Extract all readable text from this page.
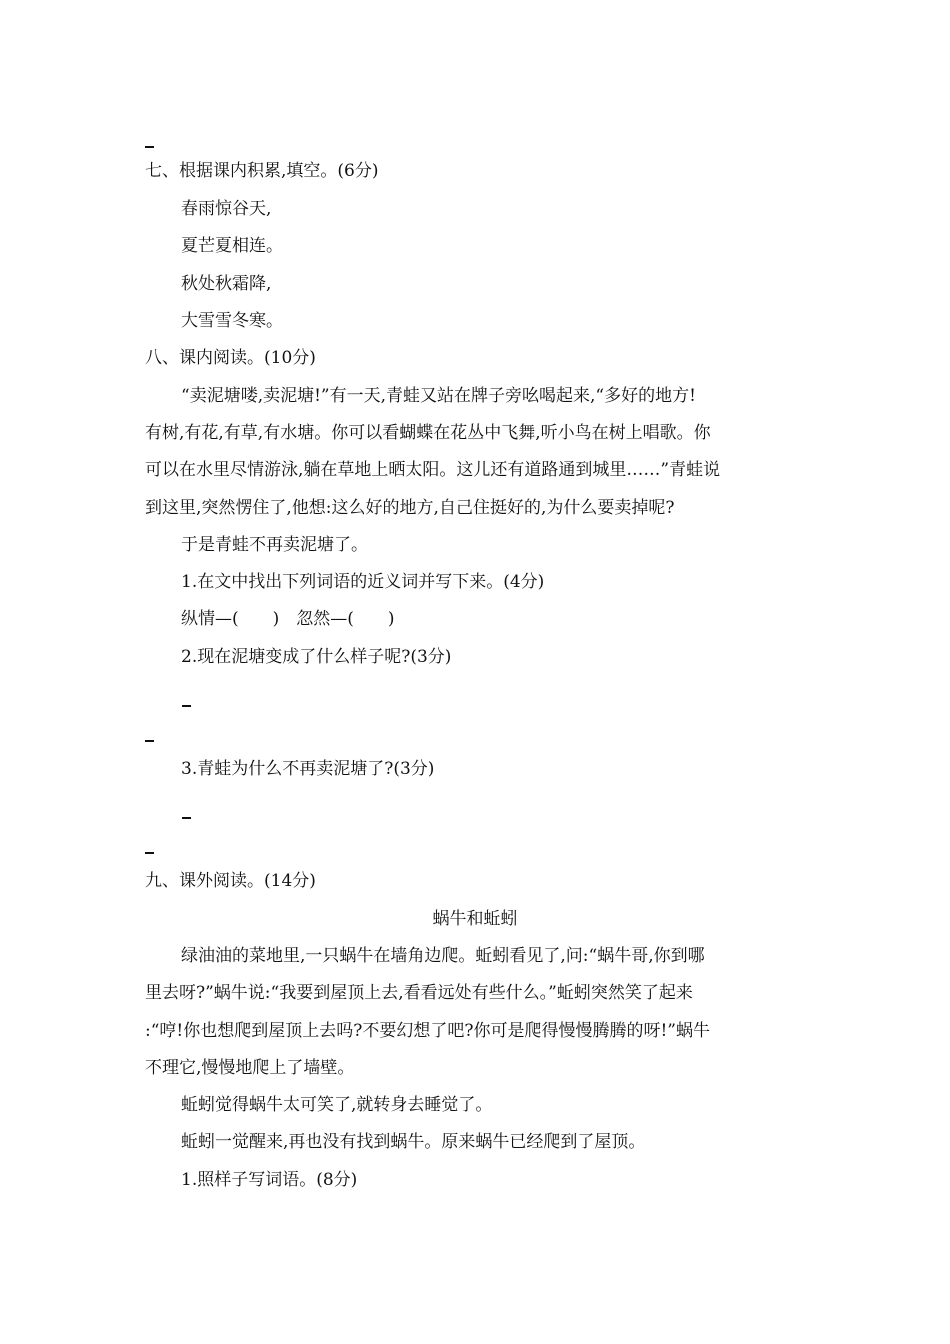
七、根据课内积累,填空。(6分)
春雨惊谷天,
夏芒夏相连。
秋处秋霜降,
大雪雪冬寒。
八、课内阅读。(10分)
“卖泥塘喽,卖泥塘!”有一天,青蛙又站在牌子旁吆喝起来,“多好的地方!
有树,有花,有草,有水塘。你可以看蝴蝶在花丛中飞舞,听小鸟在树上唱歌。你
可以在水里尽情游泳,躺在草地上晒太阳。这儿还有道路通到城里……”青蛙说
到这里,突然愣住了,他想:这么好的地方,自己住挺好的,为什么要卖掉呢?
于是青蛙不再卖泥塘了。
1.在文中找出下列词语的近义词并写下来。(4分)
纵情—(　　)　忽然—(　　)
2.现在泥塘变成了什么样子呢?(3分)
3.青蛙为什么不再卖泥塘了?(3分)
九、课外阅读。(14分)
蜗牛和蚯蚓
绿油油的菜地里,一只蜗牛在墙角边爬。蚯蚓看见了,问:“蜗牛哥,你到哪
里去呀?”蜗牛说:“我要到屋顶上去,看看远处有些什么。”蚯蚓突然笑了起来
:“哼!你也想爬到屋顶上去吗?不要幻想了吧?你可是爬得慢慢腾腾的呀!”蜗牛
不理它,慢慢地爬上了墙壁。
蚯蚓觉得蜗牛太可笑了,就转身去睡觉了。
蚯蚓一觉醒来,再也没有找到蜗牛。原来蜗牛已经爬到了屋顶。
1.照样子写词语。(8分)
